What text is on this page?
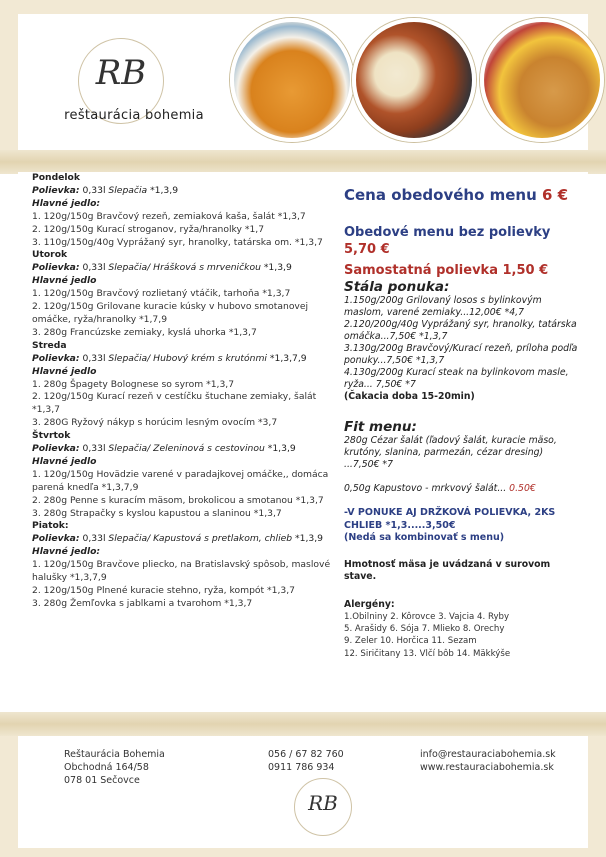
RB
reštaurácia bohemia
Pondelok
Polievka: 0,33l Slepačia *1,3,9
Hlavné jedlo:
1. 120g/150g Bravčový rezeň, zemiaková kaša, šalát *1,3,7
2. 120g/150g Kurací stroganov, ryža/hranolky *1,7
3. 110g/150g/40g Vyprážaný syr, hranolky, tatárska om. *1,3,7
Utorok
Polievka: 0,33l Slepačia/ Hrášková s mrveničkou *1,3,9
Hlavné jedlo
1. 120g/150g Bravčový rozlietaný vtáčik, tarhoňa *1,3,7
2. 120g/150g Grilovane kuracie kúsky v hubovo smotanovej omáčke, ryža/hranolky *1,7,9
3. 280g Francúzske zemiaky, kyslá uhorka *1,3,7
Streda
Polievka: 0,33l Slepačia/ Hubový krém s krutónmi *1,3,7,9
Hlavné jedlo
1. 280g Špagety Bolognese so syrom *1,3,7
2. 120g/150g Kurací rezeň v cestíčku štuchane zemiaky, šalát *1,3,7
3. 280G Ryžový nákyp s horúcim lesným ovocím *3,7
Štvrtok
Polievka: 0,33l Slepačia/ Zeleninová s cestovinou *1,3,9
Hlavné jedlo
1. 120g/150g Hovädzie varené v paradajkovej omáčke,, domáca parená knedľa *1,3,7,9
2. 280g Penne s kuracím mäsom, brokolicou a smotanou *1,3,7
3. 280g Strapačky s kyslou kapustou a slaninou *1,3,7
Piatok:
Polievka: 0,33l Slepačia/ Kapustová s pretlakom, chlieb *1,3,9
Hlavné jedlo:
1. 120g/150g Bravčove pliecko, na Bratislavský spôsob, maslové halušky *1,3,7,9
2. 120g/150g Plnené kuracie stehno, ryža, kompót *1,3,7
3. 280g Žemľovka s jablkami a tvarohom *1,3,7
Cena obedového menu 6 €
Obedové menu bez polievky
5,70 €
Samostatná polievka 1,50 €
Stála ponuka:
1.150g/200g Grilovaný losos s bylinkovým maslom, varené zemiaky...12,00€ *4,7
2.120/200g/40g Vyprážaný syr, hranolky, tatárska omáčka...7,50€ *1,3,7
3.130g/200g Bravčový/Kurací rezeň, príloha podľa ponuky...7,50€ *1,3,7
4.130g/200g Kurací steak na bylinkovom masle, ryža... 7,50€ *7
(Čakacia doba 15-20min)
Fit menu:
280g Cézar šalát (ľadový šalát, kuracie mäso, krutóny, slanina, parmezán, cézar dresing) ...7,50€ *7
0,50g Kapustovo - mrkvový šalát... 0.50€
-V PONUKE AJ DRŽKOVÁ POLIEVKA, 2KS
CHLIEB *1,3.....3,50€
(Nedá sa kombinovať s menu)
Hmotnosť mäsa je uvádzaná v surovom stave.
Alergény:
1.Obilniny 2. Kôrovce 3. Vajcia 4. Ryby
5. Arašidy 6. Sója 7. Mlieko 8. Orechy
9. Zeler 10. Horčica 11. Sezam
12. Siričitany 13. Vlčí bôb 14. Mäkkýše
Reštaurácia Bohemia
Obchodná 164/58
078 01 Sečovce
056 / 67 82 760
0911 786 934
info@restauraciabohemia.sk
www.restauraciabohemia.sk
RB
